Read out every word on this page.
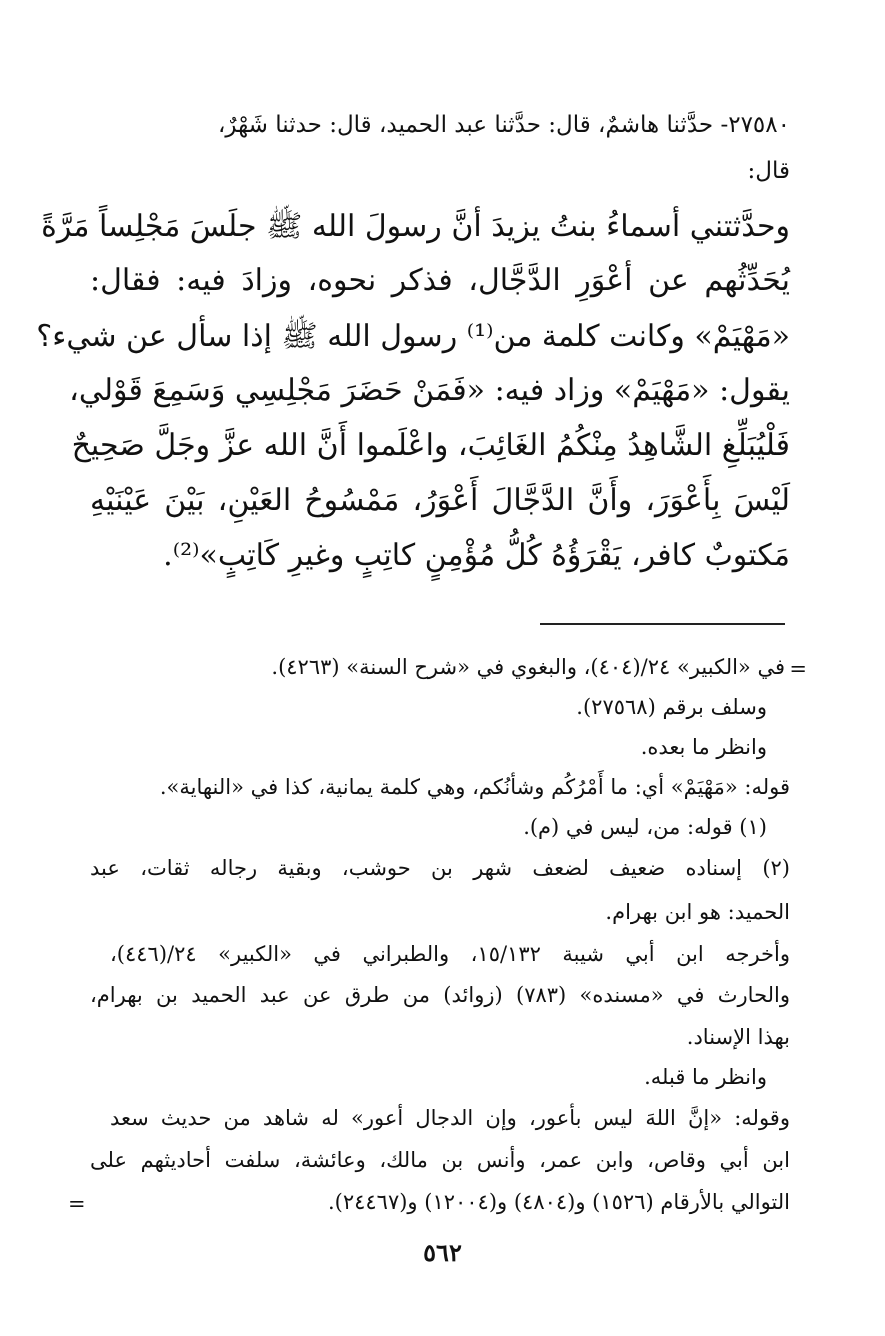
٢٧٥٨٠- حدَّثنا هاشمٌ، قال: حدَّثنا عبد الحميد، قال: حدثنا شَهْرٌ،

قال:

وحدَّثتني أسماءُ بنتُ يزيدَ أنَّ رسولَ الله ﷺ جلَسَ مَجْلِساً مَرَّةً

يُحَدِّثُهم عن أعْوَرِ الدَّجَّال، فذكر نحوه، وزادَ فيه: فقال:

«مَهْيَمْ» وكانت كلمة من⁽¹⁾ رسول الله ﷺ إذا سأل عن شيء؟

يقول: «مَهْيَمْ» وزاد فيه: «فَمَنْ حَضَرَ مَجْلِسِي وَسَمِعَ قَوْلي،

فَلْيُبَلِّغِ الشَّاهِدُ مِنْكُمُ الغَائِبَ، واعْلَموا أَنَّ الله عزَّ وجَلَّ صَحِيحٌ

لَيْسَ بِأَعْوَرَ، وأَنَّ الدَّجَّالَ أَعْوَرُ، مَمْسُوحُ العَيْنِ، بَيْنَ عَيْنَيْهِ

مَكتوبٌ كافر، يَقْرَؤُهُ كُلُّ مُؤْمِنٍ كاتِبٍ وغيرِ كَاتِبٍ»⁽²⁾.

=

في «الكبير» ٢٤/(٤٠٤)، والبغوي في «شرح السنة» (٤٢٦٣).

وسلف برقم (٢٧٥٦٨).

وانظر ما بعده.

قوله: «مَهْيَمْ» أي: ما أَمْرُكُم وشأنُكم، وهي كلمة يمانية، كذا في «النهاية».

(١) قوله: من، ليس في (م).

(٢) إسناده ضعيف لضعف شهر بن حوشب، وبقية رجاله ثقات، عبد

الحميد: هو ابن بهرام.

وأخرجه ابن أبي شيبة ١٥/١٣٢، والطبراني في «الكبير» ٢٤/(٤٤٦)،

والحارث في «مسنده» (٧٨٣) (زوائد) من طرق عن عبد الحميد بن بهرام،

بهذا الإسناد.

وانظر ما قبله.

وقوله: «إنَّ اللهَ ليس بأعور، وإن الدجال أعور» له شاهد من حديث سعد

ابن أبي وقاص، وابن عمر، وأنس بن مالك، وعائشة، سلفت أحاديثهم على

التوالي بالأرقام (١٥٢٦) و(٤٨٠٤) و(١٢٠٠٤) و(٢٤٤٦٧).

=
٥٦٢
